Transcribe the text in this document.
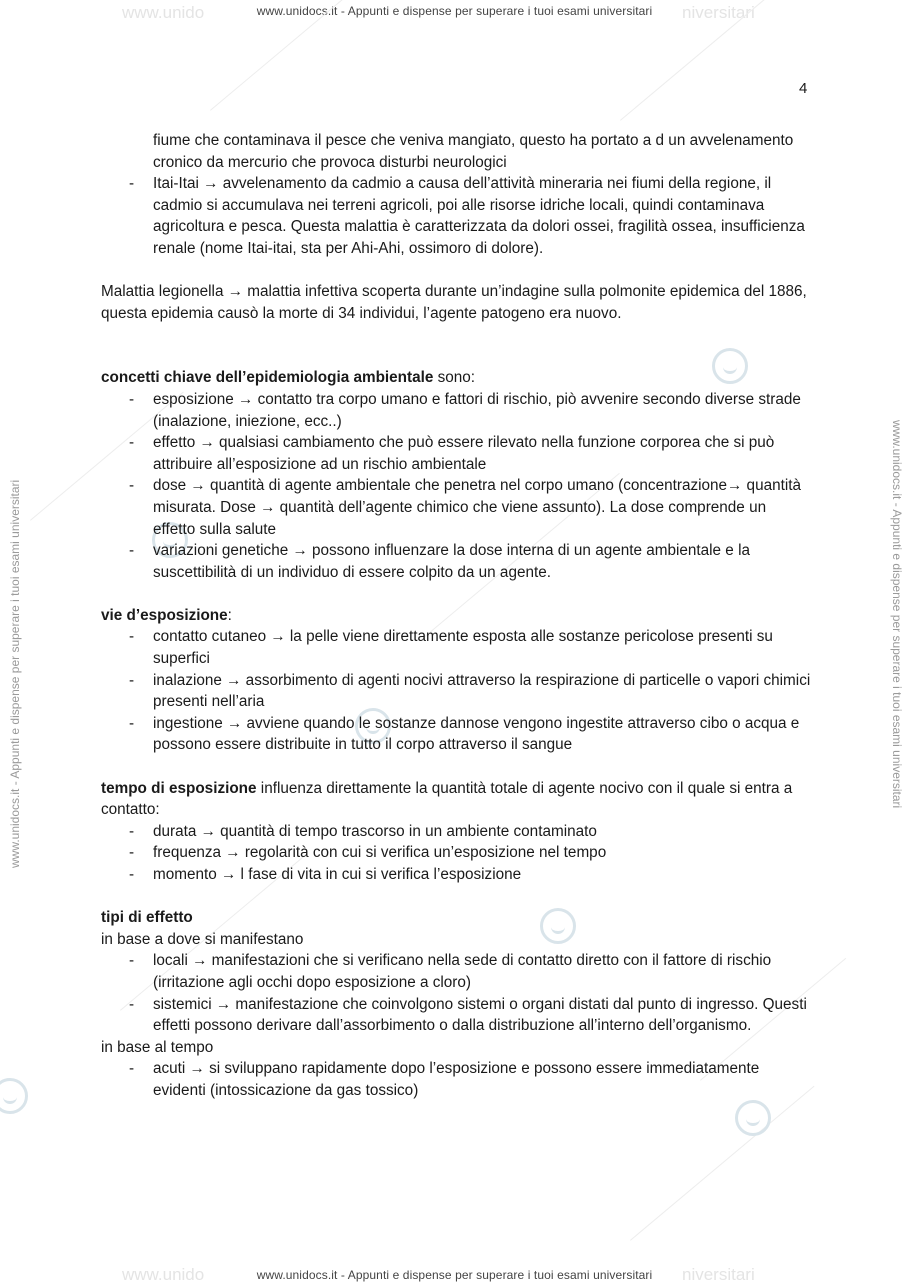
www.unido	niversitari
www.unido	niversitari
www.unidocs.it - Appunti e dispense per superare i tuoi esami universitari
www.unidocs.it - Appunti e dispense per superare i tuoi esami universitari
www.unidocs.it - Appunti e dispense per superare i tuoi esami universitari	www.unidocs.it - Appunti e dispense per superare i tuoi esami universitari
4
fiume che contaminava il pesce che veniva mangiato, questo ha portato a d un avvelenamento cronico da mercurio che provoca disturbi neurologici
- Itai-Itai → avvelenamento da cadmio a causa dell’attività mineraria nei fiumi della regione, il cadmio si accumulava nei terreni agricoli, poi alle risorse idriche locali, quindi contaminava agricoltura e pesca. Questa malattia è caratterizzata da dolori ossei, fragilità ossea, insufficienza renale (nome Itai-itai, sta per Ahi-Ahi, ossimoro di dolore).

Malattia legionella → malattia infettiva scoperta durante un’indagine sulla polmonite epidemica del 1886, questa epidemia causò la morte di 34 individui, l’agente patogeno era nuovo.

concetti chiave dell’epidemiologia ambientale sono:

- esposizione → contatto tra corpo umano e fattori di rischio, piò avvenire secondo diverse strade (inalazione, iniezione, ecc..)
- effetto → qualsiasi cambiamento che può essere rilevato nella funzione corporea che si può attribuire all’esposizione ad un rischio ambientale
- dose → quantità di agente ambientale che penetra nel corpo umano (concentrazione→ quantità misurata. Dose → quantità dell’agente chimico che viene assunto). La dose comprende un effetto sulla salute
- variazioni genetiche → possono influenzare la dose interna di un agente ambientale e la suscettibilità di un individuo di essere colpito da un agente.

vie d’esposizione:

- contatto cutaneo → la pelle viene direttamente esposta alle sostanze pericolose presenti su superfici
- inalazione → assorbimento di agenti nocivi attraverso la respirazione di particelle o vapori chimici presenti nell’aria
- ingestione → avviene quando le sostanze dannose vengono ingestite attraverso cibo o acqua e possono essere distribuite in tutto il corpo attraverso il sangue

tempo di esposizione influenza direttamente la quantità totale di agente nocivo con il quale si entra a contatto:

- durata → quantità di tempo trascorso in un ambiente contaminato
- frequenza → regolarità con cui si verifica un’esposizione nel tempo
- momento → l fase di vita in cui si verifica l’esposizione

tipi di effetto

in base a dove si manifestano

- locali → manifestazioni che si verificano nella sede di contatto diretto con il fattore di rischio (irritazione agli occhi dopo esposizione a cloro)
- sistemici → manifestazione che coinvolgono sistemi o organi distati dal punto di ingresso. Questi effetti possono derivare dall’assorbimento o dalla distribuzione all’interno dell’organismo.

in base al tempo

- acuti → si sviluppano rapidamente dopo l’esposizione e possono essere immediatamente evidenti (intossicazione da gas tossico)
